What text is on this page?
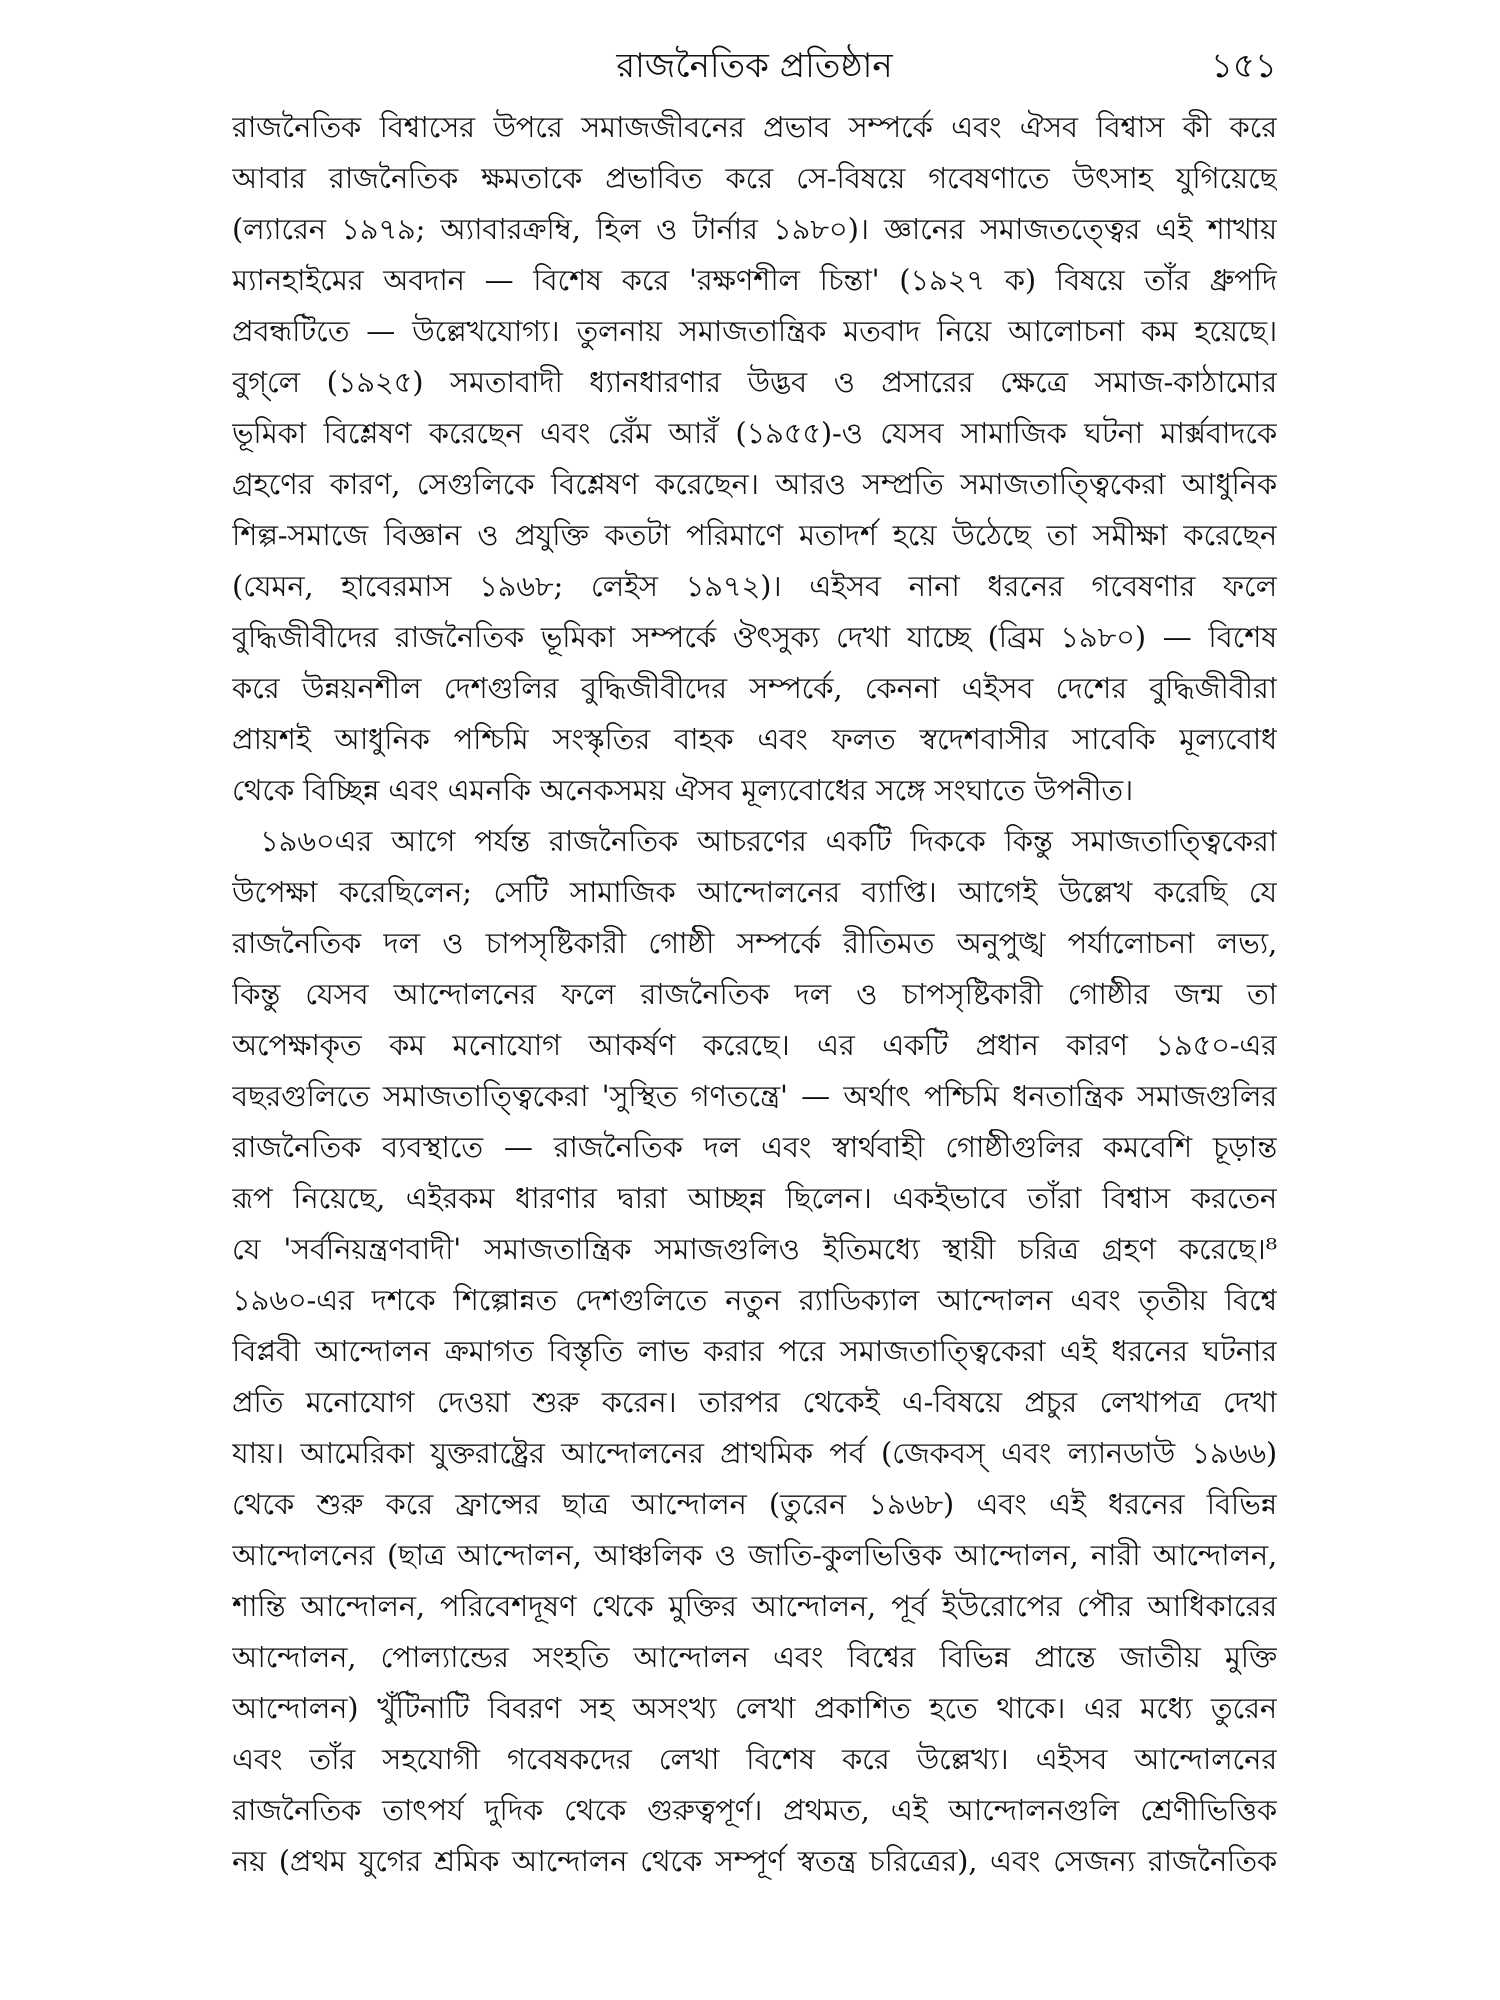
রাজনৈতিক প্রতিষ্ঠান	১৫১
রাজনৈতিক বিশ্বাসের উপরে সমাজজীবনের প্রভাব সম্পর্কে এবং ঐসব বিশ্বাস কী করে
আবার রাজনৈতিক ক্ষমতাকে প্রভাবিত করে সে-বিষয়ে গবেষণাতে উৎসাহ যুগিয়েছে
(ল্যারেন ১৯৭৯; অ্যাবারক্রম্বি, হিল ও টার্নার ১৯৮০)। জ্ঞানের সমাজতত্ত্বের এই শাখায়
ম্যানহাইমের অবদান — বিশেষ করে 'রক্ষণশীল চিন্তা' (১৯২৭ ক) বিষয়ে তাঁর ধ্রুপদি
প্রবন্ধটিতে — উল্লেখযোগ্য। তুলনায় সমাজতান্ত্রিক মতবাদ নিয়ে আলোচনা কম হয়েছে।
বুগ্‌লে (১৯২৫) সমতাবাদী ধ্যানধারণার উদ্ভব ও প্রসারের ক্ষেত্রে সমাজ-কাঠামোর
ভূমিকা বিশ্লেষণ করেছেন এবং রেঁম আরঁ (১৯৫৫)-ও যেসব সামাজিক ঘটনা মার্ক্সবাদকে
গ্রহণের কারণ, সেগুলিকে বিশ্লেষণ করেছেন। আরও সম্প্রতি সমাজতাত্ত্বিকেরা আধুনিক
শিল্প-সমাজে বিজ্ঞান ও প্রযুক্তি কতটা পরিমাণে মতাদর্শ হয়ে উঠেছে তা সমীক্ষা করেছেন
(যেমন, হাবেরমাস ১৯৬৮; লেইস ১৯৭২)। এইসব নানা ধরনের গবেষণার ফলে
বুদ্ধিজীবীদের রাজনৈতিক ভূমিকা সম্পর্কে ঔৎসুক্য দেখা যাচ্ছে (ব্রিম ১৯৮০) — বিশেষ
করে উন্নয়নশীল দেশগুলির বুদ্ধিজীবীদের সম্পর্কে, কেননা এইসব দেশের বুদ্ধিজীবীরা
প্রায়শই আধুনিক পশ্চিমি সংস্কৃতির বাহক এবং ফলত স্বদেশবাসীর সাবেকি মূল্যবোধ
থেকে বিচ্ছিন্ন এবং এমনকি অনেকসময় ঐসব মূল্যবোধের সঙ্গে সংঘাতে উপনীত।
১৯৬০এর আগে পর্যন্ত রাজনৈতিক আচরণের একটি দিককে কিন্তু সমাজতাত্ত্বিকেরা
উপেক্ষা করেছিলেন; সেটি সামাজিক আন্দোলনের ব্যাপ্তি। আগেই উল্লেখ করেছি যে
রাজনৈতিক দল ও চাপসৃষ্টিকারী গোষ্ঠী সম্পর্কে রীতিমত অনুপুঙ্খ পর্যালোচনা লভ্য,
কিন্তু যেসব আন্দোলনের ফলে রাজনৈতিক দল ও চাপসৃষ্টিকারী গোষ্ঠীর জন্ম তা
অপেক্ষাকৃত কম মনোযোগ আকর্ষণ করেছে। এর একটি প্রধান কারণ ১৯৫০-এর
বছরগুলিতে সমাজতাত্ত্বিকেরা 'সুস্থিত গণতন্ত্রে' — অর্থাৎ পশ্চিমি ধনতান্ত্রিক সমাজগুলির
রাজনৈতিক ব্যবস্থাতে — রাজনৈতিক দল এবং স্বার্থবাহী গোষ্ঠীগুলির কমবেশি চূড়ান্ত
রূপ নিয়েছে, এইরকম ধারণার দ্বারা আচ্ছন্ন ছিলেন। একইভাবে তাঁরা বিশ্বাস করতেন
যে 'সর্বনিয়ন্ত্রণবাদী' সমাজতান্ত্রিক সমাজগুলিও ইতিমধ্যে স্থায়ী চরিত্র গ্রহণ করেছে।⁸
১৯৬০-এর দশকে শিল্পোন্নত দেশগুলিতে নতুন র‍্যাডিক্যাল আন্দোলন এবং তৃতীয় বিশ্বে
বিপ্লবী আন্দোলন ক্রমাগত বিস্তৃতি লাভ করার পরে সমাজতাত্ত্বিকেরা এই ধরনের ঘটনার
প্রতি মনোযোগ দেওয়া শুরু করেন। তারপর থেকেই এ-বিষয়ে প্রচুর লেখাপত্র দেখা
যায়। আমেরিকা যুক্তরাষ্ট্রের আন্দোলনের প্রাথমিক পর্ব (জেকবস্‌ এবং ল্যানডাউ ১৯৬৬)
থেকে শুরু করে ফ্রান্সের ছাত্র আন্দোলন (তুরেন ১৯৬৮) এবং এই ধরনের বিভিন্ন
আন্দোলনের (ছাত্র আন্দোলন, আঞ্চলিক ও জাতি-কুলভিত্তিক আন্দোলন, নারী আন্দোলন,
শান্তি আন্দোলন, পরিবেশদূষণ থেকে মুক্তির আন্দোলন, পূর্ব ইউরোপের পৌর আধিকারের
আন্দোলন, পোল্যান্ডের সংহতি আন্দোলন এবং বিশ্বের বিভিন্ন প্রান্তে জাতীয় মুক্তি
আন্দোলন) খুঁটিনাটি বিবরণ সহ অসংখ্য লেখা প্রকাশিত হতে থাকে। এর মধ্যে তুরেন
এবং তাঁর সহযোগী গবেষকদের লেখা বিশেষ করে উল্লেখ্য। এইসব আন্দোলনের
রাজনৈতিক তাৎপর্য দুদিক থেকে গুরুত্বপূর্ণ। প্রথমত, এই আন্দোলনগুলি শ্রেণীভিত্তিক
নয় (প্রথম যুগের শ্রমিক আন্দোলন থেকে সম্পূর্ণ স্বতন্ত্র চরিত্রের), এবং সেজন্য রাজনৈতিক
